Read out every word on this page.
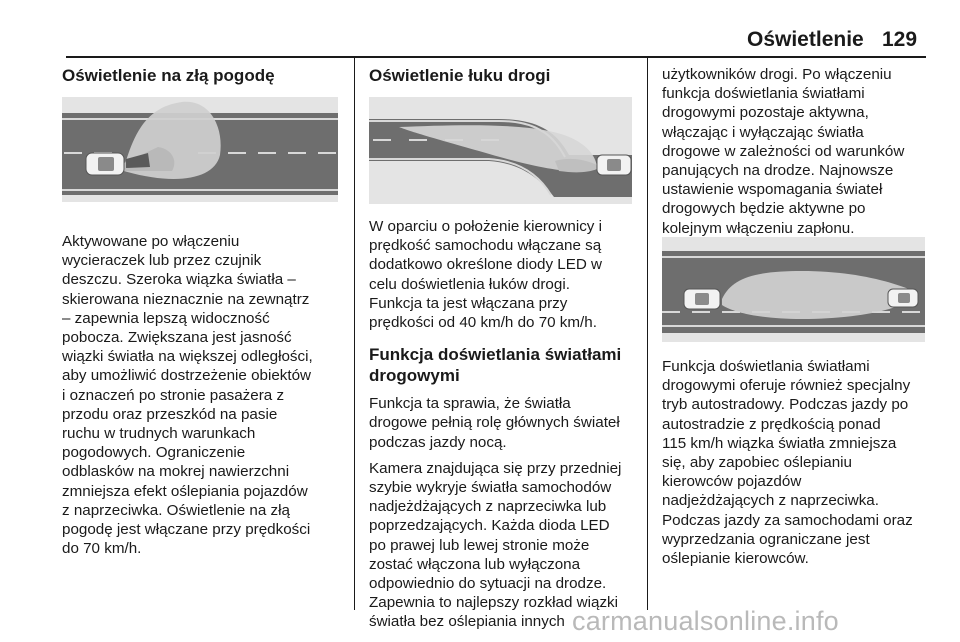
Oświetlenie 129
Oświetlenie na złą pogodę

Aktywowane po włączeniu
wycieraczek lub przez czujnik
deszczu. Szeroka wiązka światła –
skierowana nieznacznie na zewnątrz
– zapewnia lepszą widoczność
pobocza. Zwiększana jest jasność
wiązki światła na większej odległości,
aby umożliwić dostrzeżenie obiektów
i oznaczeń po stronie pasażera z
przodu oraz przeszkód na pasie
ruchu w trudnych warunkach
pogodowych. Ograniczenie
odblasków na mokrej nawierzchni
zmniejsza efekt oślepiania pojazdów
z naprzeciwka. Oświetlenie na złą
pogodę jest włączane przy prędkości
do 70 km/h.

Oświetlenie łuku drogi

W oparciu o położenie kierownicy i
prędkość samochodu włączane są
dodatkowo określone diody LED w
celu doświetlenia łuków drogi.
Funkcja ta jest włączana przy
prędkości od 40 km/h do 70 km/h.

Funkcja doświetlania światłami
drogowymi

Funkcja ta sprawia, że światła
drogowe pełnią rolę głównych świateł
podczas jazdy nocą.

Kamera znajdująca się przy przedniej
szybie wykryje światła samochodów
nadjeżdżających z naprzeciwka lub
poprzedzających. Każda dioda LED
po prawej lub lewej stronie może
zostać włączona lub wyłączona
odpowiednio do sytuacji na drodze.
Zapewnia to najlepszy rozkład wiązki
światła bez oślepiania innych

użytkowników drogi. Po włączeniu
funkcja doświetlania światłami
drogowymi pozostaje aktywna,
włączając i wyłączając światła
drogowe w zależności od warunków
panujących na drodze. Najnowsze
ustawienie wspomagania świateł
drogowych będzie aktywne po
kolejnym włączeniu zapłonu.

Funkcja doświetlania światłami
drogowymi oferuje również specjalny
tryb autostradowy. Podczas jazdy po
autostradzie z prędkością ponad
115 km/h wiązka światła zmniejsza
się, aby zapobiec oślepianiu
kierowców pojazdów
nadjeżdżających z naprzeciwka.
Podczas jazdy za samochodami oraz
wyprzedzania ograniczane jest
oślepianie kierowców.

carmanualsonline.info
